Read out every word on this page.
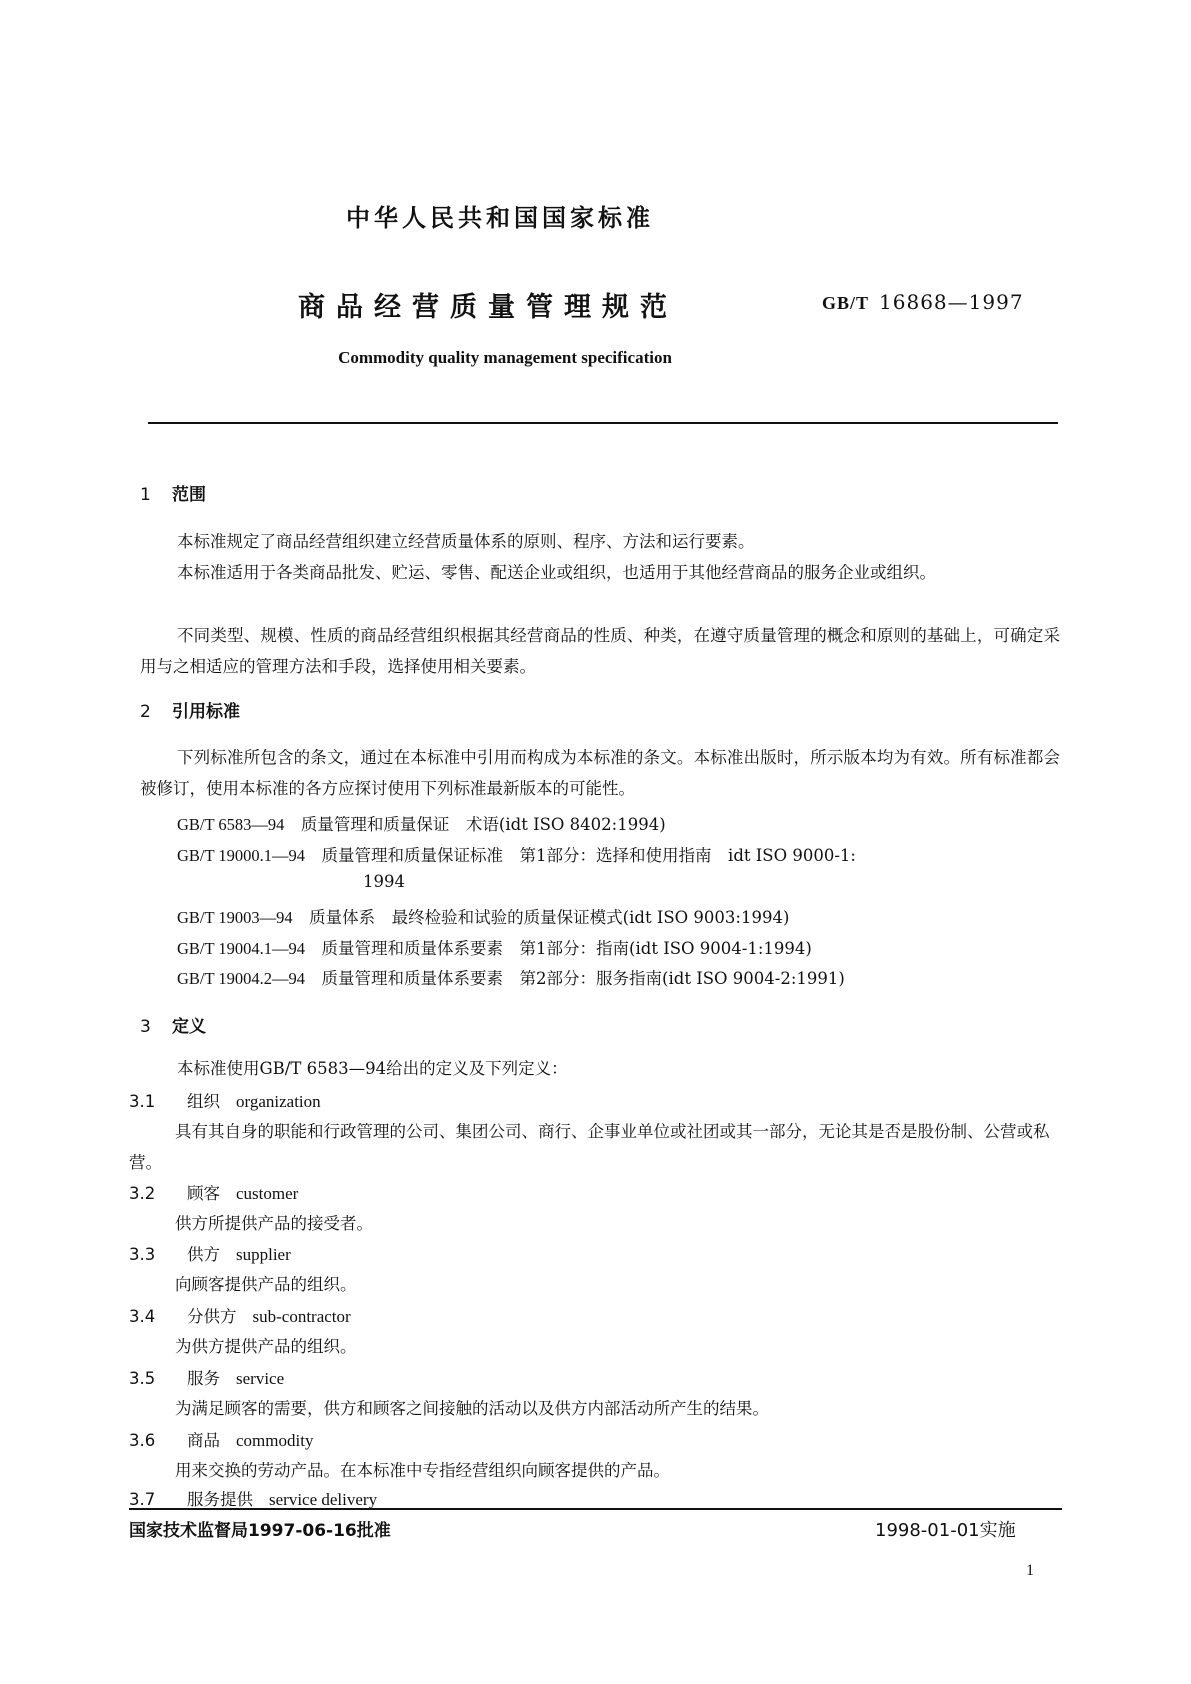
中华人民共和国国家标准
商品经营质量管理规范	GB/T 16868—1997
Commodity quality management specification
1 范围
本标准规定了商品经营组织建立经营质量体系的原则、程序、方法和运行要素。
本标准适用于各类商品批发、贮运、零售、配送企业或组织，也适用于其他经营商品的服务企业或组织。
不同类型、规模、性质的商品经营组织根据其经营商品的性质、种类，在遵守质量管理的概念和原则的基础上，可确定采用与之相适应的管理方法和手段，选择使用相关要素。
2 引用标准
下列标准所包含的条文，通过在本标准中引用而构成为本标准的条文。本标准出版时，所示版本均为有效。所有标准都会被修订，使用本标准的各方应探讨使用下列标准最新版本的可能性。
GB/T 6583—94　 质量管理和质量保证　术语(idt ISO 8402:1994)
GB/T 19000.1—94　 质量管理和质量保证标准　第1部分：选择和使用指南　idt ISO 9000-1:
1994
GB/T 19003—94　 质量体系　最终检验和试验的质量保证模式(idt ISO 9003:1994)
GB/T 19004.1—94　 质量管理和质量体系要素　第1部分：指南(idt ISO 9004-1:1994)
GB/T 19004.2—94　 质量管理和质量体系要素　第2部分：服务指南(idt ISO 9004-2:1991)
3 定义
本标准使用GB/T 6583—94给出的定义及下列定义：
3.1 组织 organization
具有其自身的职能和行政管理的公司、集团公司、商行、企事业单位或社团或其一部分，无论其是否是股份制、公营或私营。
3.2 顾客 customer
供方所提供产品的接受者。
3.3 供方 supplier
向顾客提供产品的组织。
3.4 分供方 sub-contractor
为供方提供产品的组织。
3.5 服务 service
为满足顾客的需要，供方和顾客之间接触的活动以及供方内部活动所产生的结果。
3.6 商品 commodity
用来交换的劳动产品。在本标准中专指经营组织向顾客提供的产品。
3.7 服务提供 service delivery
国家技术监督局1997-06-16批准	1998-01-01实施
1
